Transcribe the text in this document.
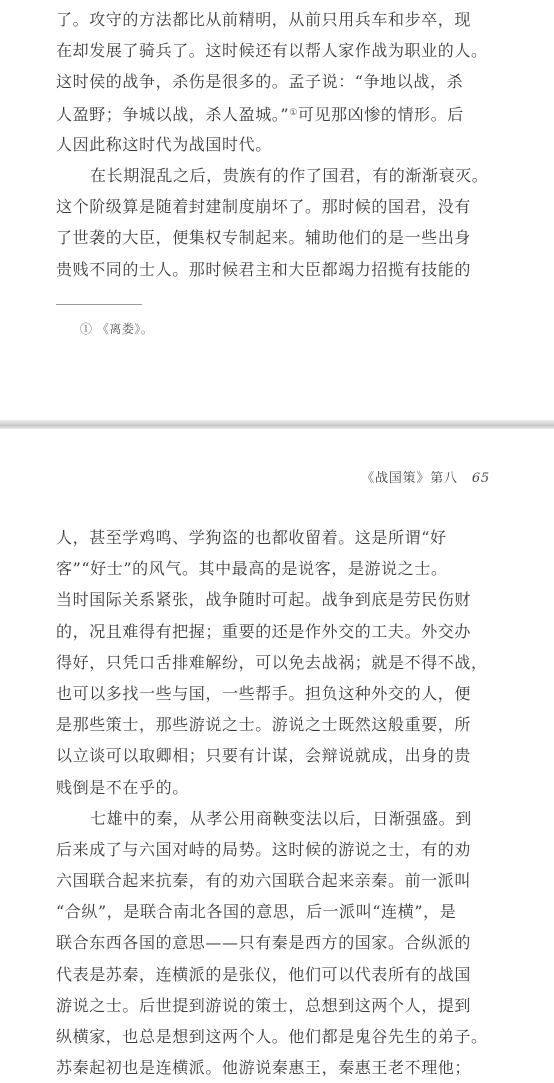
了。攻守的方法都比从前精明，从前只用兵车和步卒，现
在却发展了骑兵了。这时候还有以帮人家作战为职业的人。
这时侯的战争，杀伤是很多的。孟子说：“争地以战，杀
人盈野；争城以战，杀人盈城。”①可见那凶惨的情形。后
人因此称这时代为战国时代。
在长期混乱之后，贵族有的作了国君，有的渐渐衰灭。
这个阶级算是随着封建制度崩坏了。那时候的国君，没有
了世袭的大臣，便集权专制起来。辅助他们的是一些出身
贵贱不同的士人。那时候君主和大臣都竭力招揽有技能的
① 《离娄》。
《战国策》第八 65
人，甚至学鸡鸣、学狗盗的也都收留着。这是所谓“好
客”“好士”的风气。其中最高的是说客，是游说之士。
当时国际关系紧张，战争随时可起。战争到底是劳民伤财
的，况且难得有把握；重要的还是作外交的工夫。外交办
得好，只凭口舌排难解纷，可以免去战祸；就是不得不战，
也可以多找一些与国，一些帮手。担负这种外交的人，便
是那些策士，那些游说之士。游说之士既然这般重要，所
以立谈可以取卿相；只要有计谋，会辩说就成，出身的贵
贱倒是不在乎的。
七雄中的秦，从孝公用商鞅变法以后，日渐强盛。到
后来成了与六国对峙的局势。这时候的游说之士，有的劝
六国联合起来抗秦，有的劝六国联合起来亲秦。前一派叫
“合纵”，是联合南北各国的意思，后一派叫“连横”，是
联合东西各国的意思——只有秦是西方的国家。合纵派的
代表是苏秦，连横派的是张仪，他们可以代表所有的战国
游说之士。后世提到游说的策士，总想到这两个人，提到
纵横家，也总是想到这两个人。他们都是鬼谷先生的弟子。
苏秦起初也是连横派。他游说秦惠王，秦惠王老不理他；
